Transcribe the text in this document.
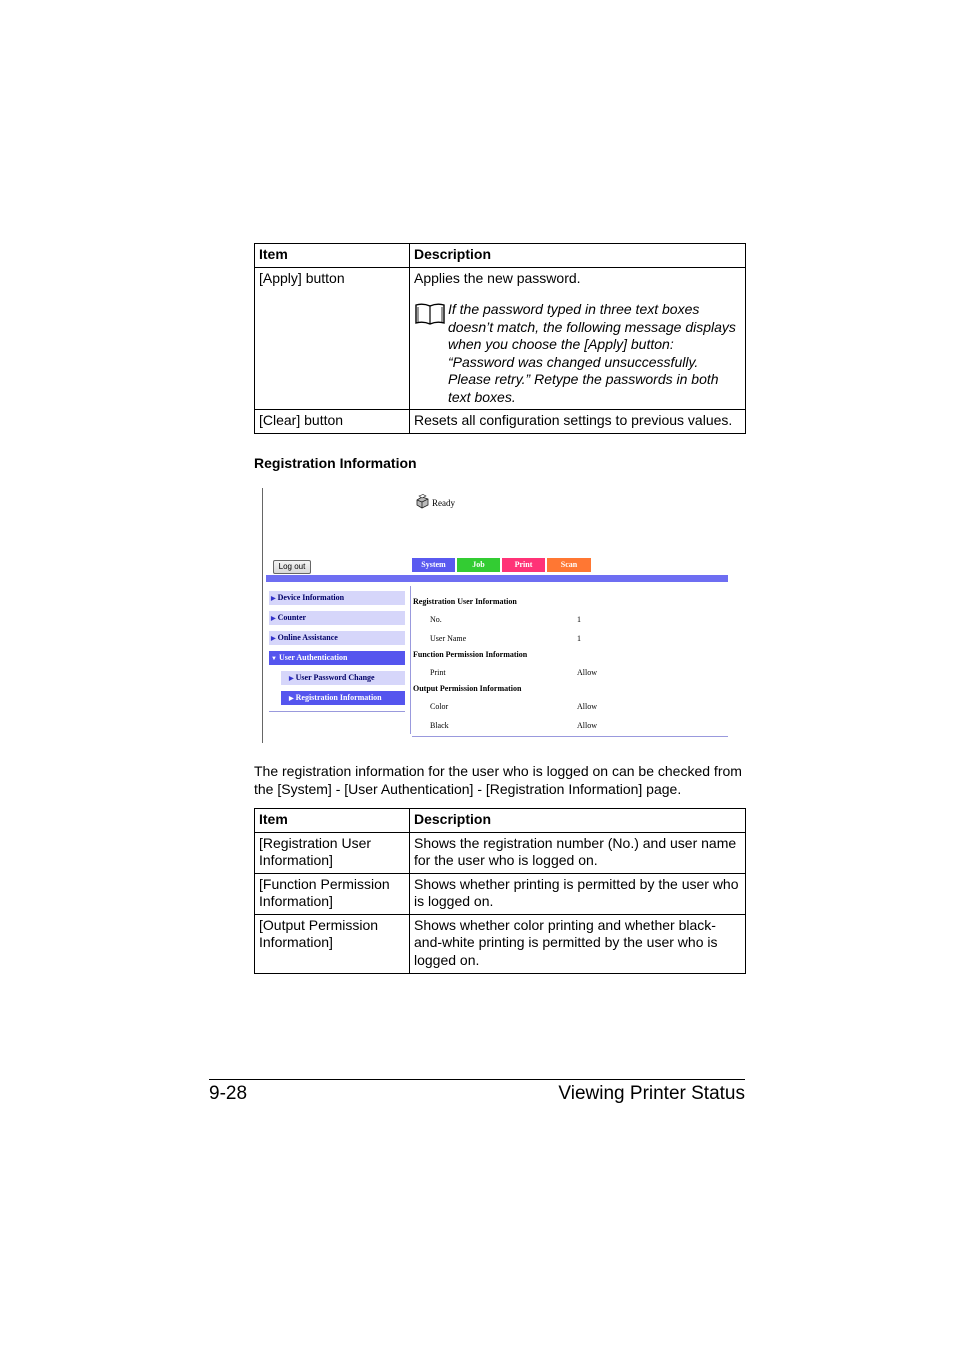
Item	Description
[Apply] button	Applies the new password.
If the password typed in three text boxes doesn’t match, the following message displays when you choose the [Apply] button: “Password was changed unsuccessfully. Please retry.” Retype the passwords in both text boxes.

[Clear] button	Resets all configuration settings to previous values.
Registration Information
Ready
Log out	System	Job	Print	Scan
▶ Device Information
▶ Counter
▶ Online Assistance
▼ User Authentication
▶ User Password Change
▶ Registration Information
Registration User Information
No.	1
User Name	1
Function Permission Information
Print	Allow
Output Permission Information
Color	Allow
Black	Allow
The registration information for the user who is logged on can be checked from the [System] - [User Authentication] - [Registration Information] page.
Item	Description
[Registration User Information]	Shows the registration number (No.) and user name for the user who is logged on.
[Function Permission Information]	Shows whether printing is permitted by the user who is logged on.
[Output Permission Information]	Shows whether color printing and whether black-and-white printing is permitted by the user who is logged on.
9-28	Viewing Printer Status
